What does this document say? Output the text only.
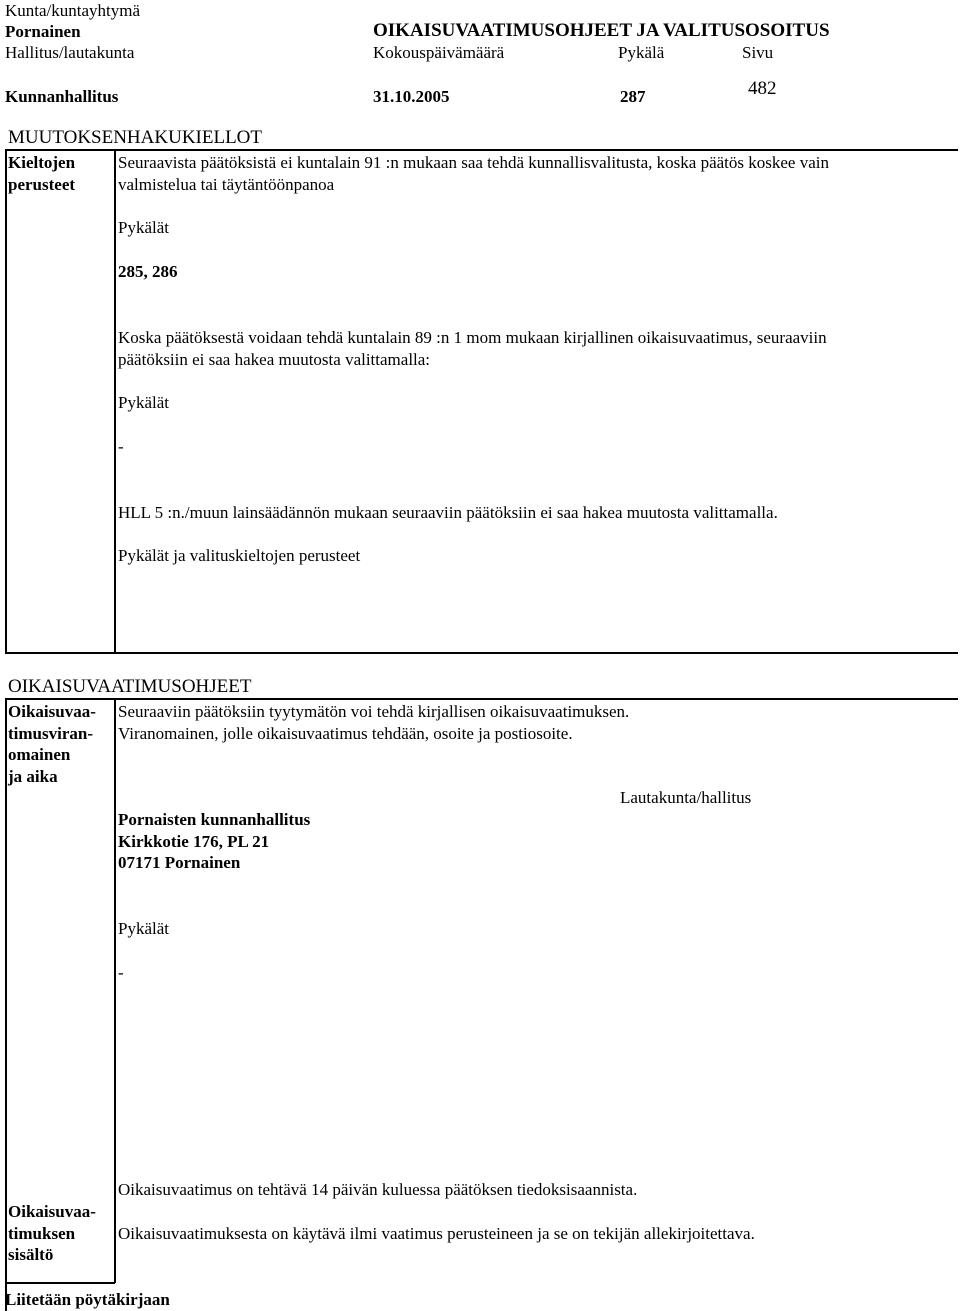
Kunta/kuntayhtymä
Pornainen	OIKAISUVAATIMUSOHJEET JA VALITUSOSOITUS
Hallitus/lautakunta	Kokouspäivämäärä	Pykälä	Sivu
Kunnanhallitus	31.10.2005	287	482
MUUTOKSENHAKUKIELLOT
Kieltojen
perusteet
Seuraavista päätöksistä ei kuntalain 91 :n mukaan saa tehdä kunnallisvalitusta, koska päätös koskee vain
valmistelua tai täytäntöönpanoa
Pykälät
285, 286
Koska päätöksestä voidaan tehdä kuntalain 89 :n 1 mom mukaan kirjallinen oikaisuvaatimus, seuraaviin
päätöksiin ei saa hakea muutosta valittamalla:
Pykälät
-
HLL 5 :n./muun lainsäädännön mukaan seuraaviin päätöksiin ei saa hakea muutosta valittamalla.
Pykälät ja valituskieltojen perusteet
OIKAISUVAATIMUSOHJEET
Oikaisuvaa-
timusviran-
omainen
ja aika
Seuraaviin päätöksiin tyytymätön voi tehdä kirjallisen oikaisuvaatimuksen.
Viranomainen, jolle oikaisuvaatimus tehdään, osoite ja postiosoite.
Lautakunta/hallitus
Pornaisten kunnanhallitus
Kirkkotie 176, PL 21
07171 Pornainen
Pykälät
-
Oikaisuvaatimus on tehtävä 14 päivän kuluessa päätöksen tiedoksisaannista.
Oikaisuvaa-
timuksen
sisältö
Oikaisuvaatimuksesta on käytävä ilmi vaatimus perusteineen ja se on tekijän allekirjoitettava.
Liitetään pöytäkirjaan
